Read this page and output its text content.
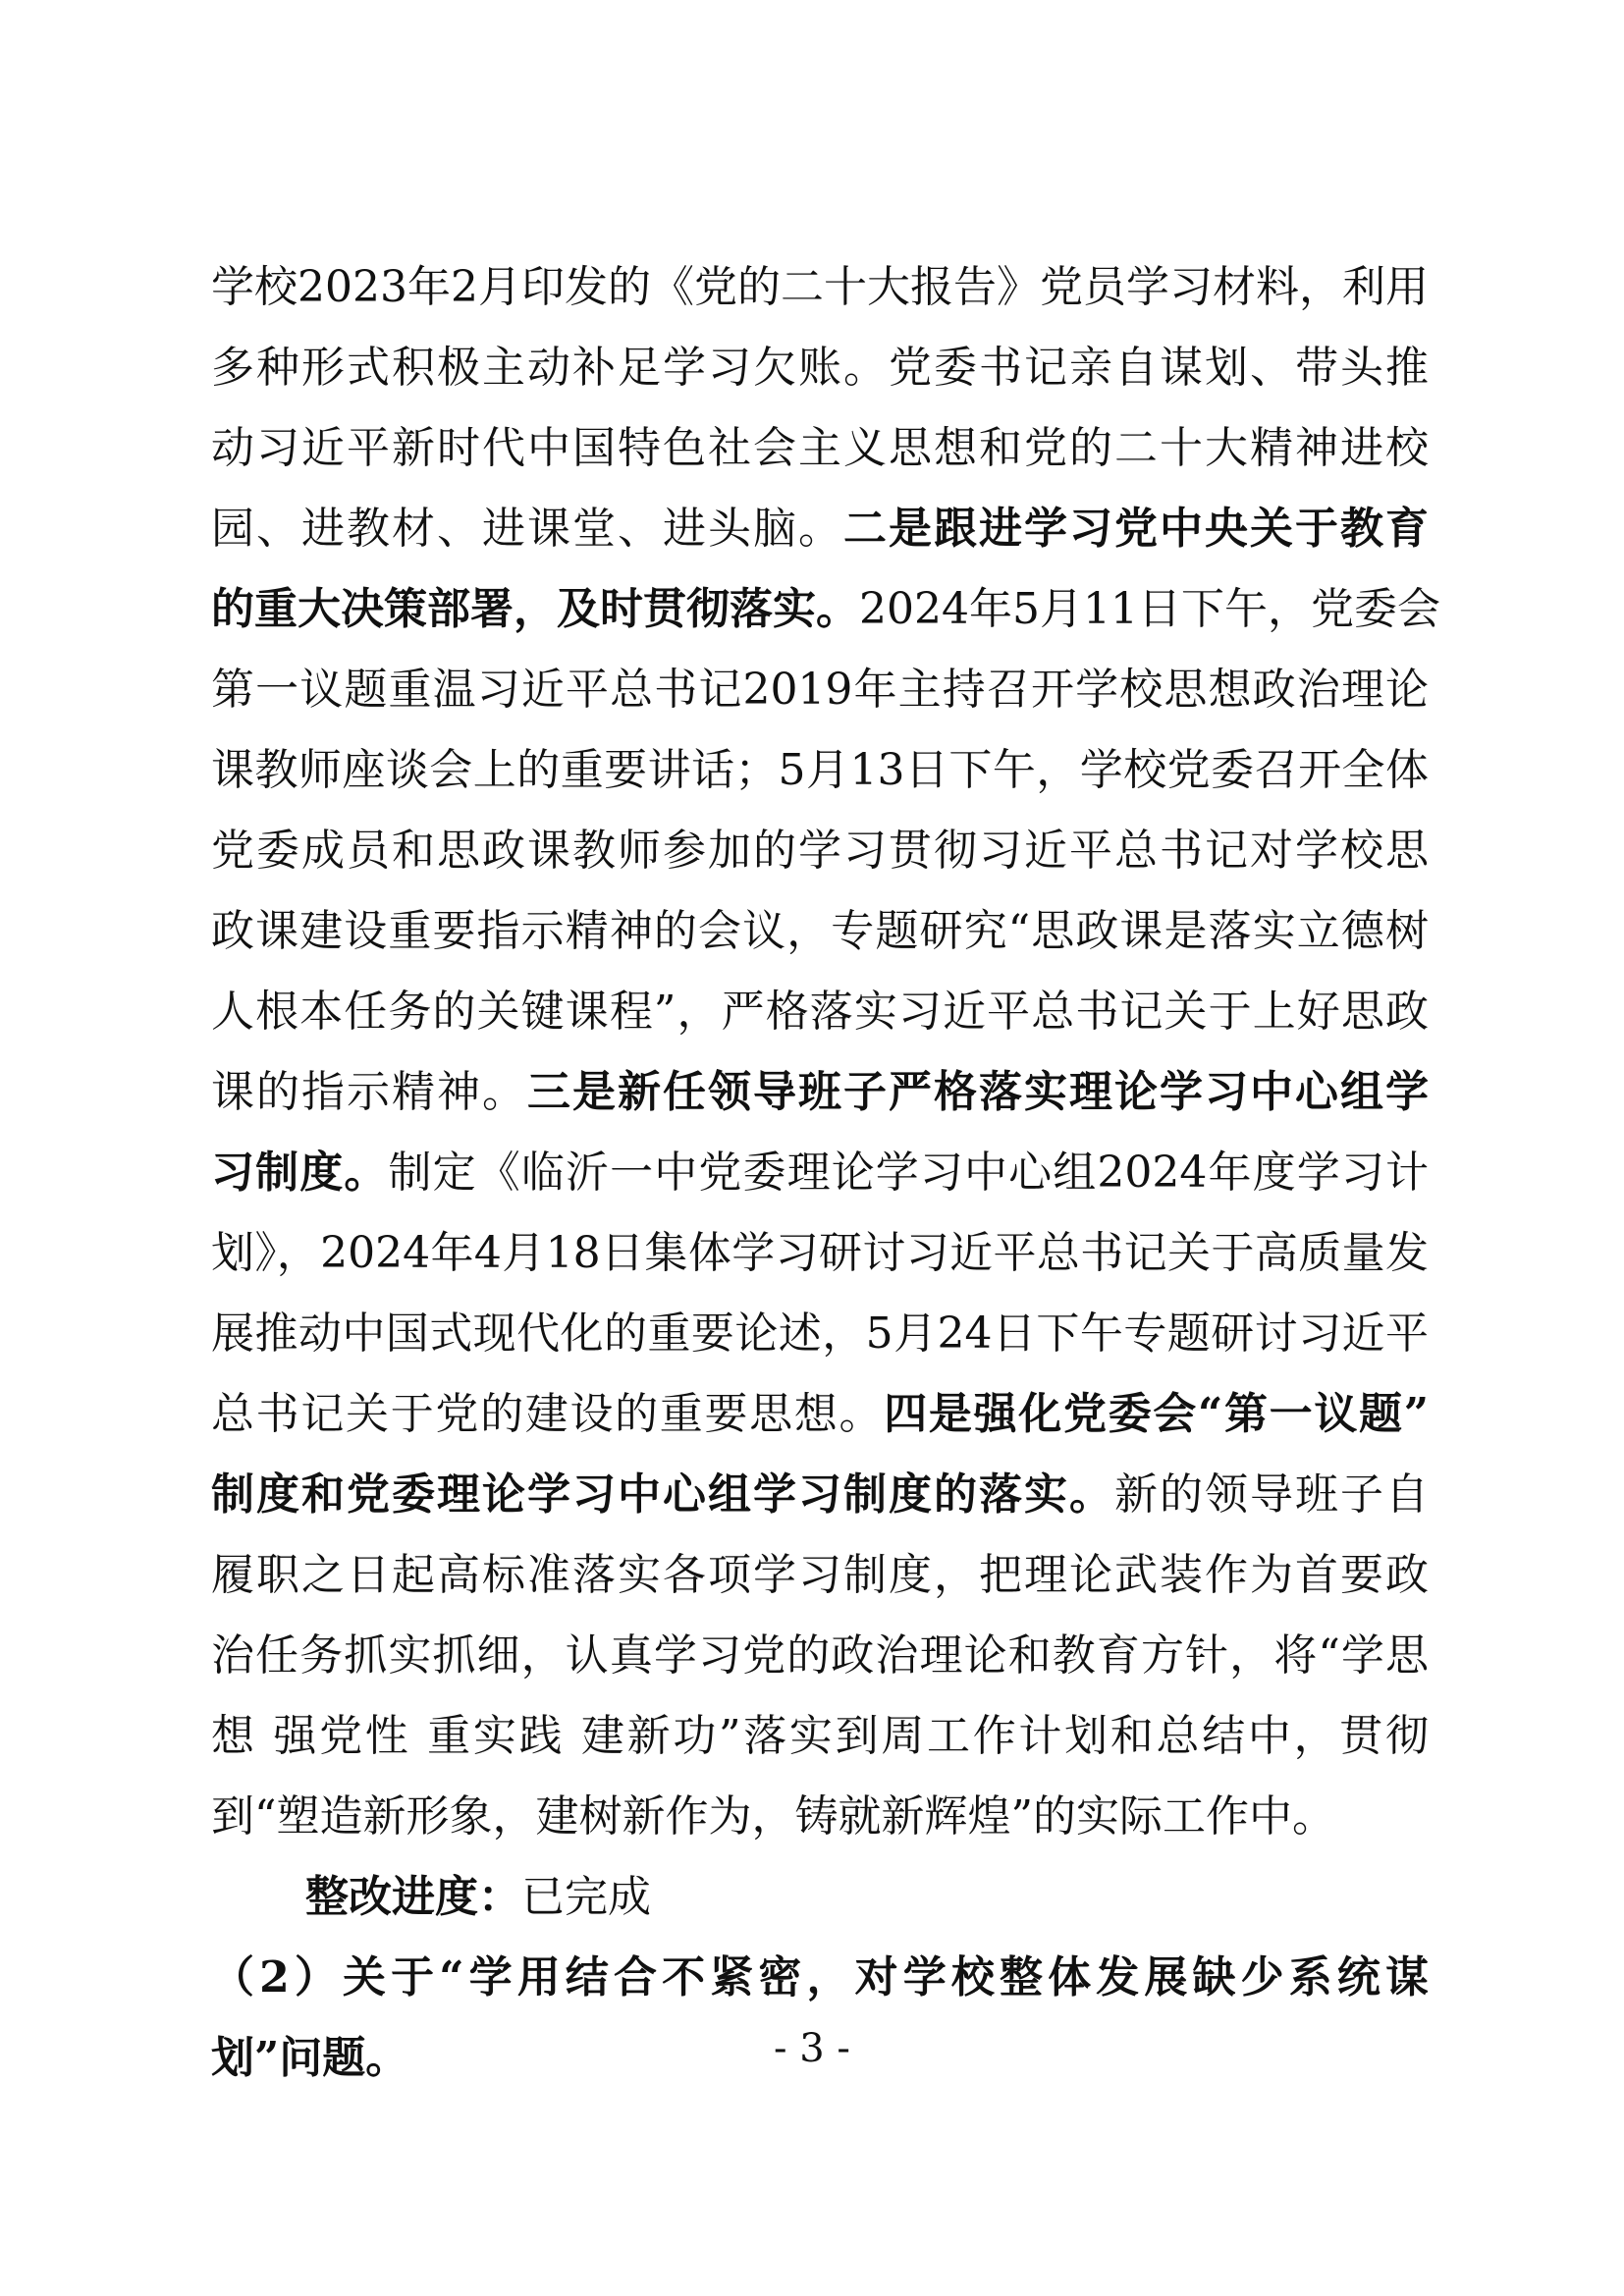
学校2023年2月印发的《党的二十大报告》党员学习材料，利用
多种形式积极主动补足学习欠账。党委书记亲自谋划、带头推
动习近平新时代中国特色社会主义思想和党的二十大精神进校
园、进教材、进课堂、进头脑。二是跟进学习党中央关于教育
的重大决策部署，及时贯彻落实。2024年5月11日下午，党委会
第一议题重温习近平总书记2019年主持召开学校思想政治理论
课教师座谈会上的重要讲话；5月13日下午，学校党委召开全体
党委成员和思政课教师参加的学习贯彻习近平总书记对学校思
政课建设重要指示精神的会议，专题研究“思政课是落实立德树
人根本任务的关键课程”，严格落实习近平总书记关于上好思政
课的指示精神。三是新任领导班子严格落实理论学习中心组学
习制度。制定《临沂一中党委理论学习中心组2024年度学习计
划》，2024年4月18日集体学习研讨习近平总书记关于高质量发
展推动中国式现代化的重要论述，5月24日下午专题研讨习近平
总书记关于党的建设的重要思想。四是强化党委会“第一议题”
制度和党委理论学习中心组学习制度的落实。新的领导班子自
履职之日起高标准落实各项学习制度，把理论武装作为首要政
治任务抓实抓细，认真学习党的政治理论和教育方针，将“学思
想 强党性 重实践 建新功”落实到周工作计划和总结中，贯彻
到“塑造新形象，建树新作为，铸就新辉煌”的实际工作中。
整改进度：已完成
（2）关于“学用结合不紧密，对学校整体发展缺少系统谋
划”问题。	- 3 -
